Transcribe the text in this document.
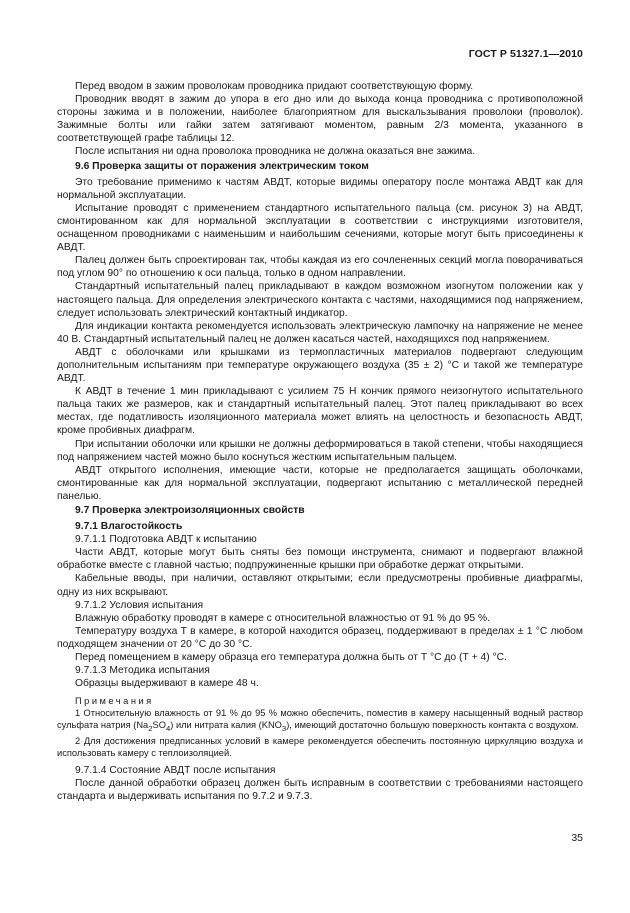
ГОСТ Р 51327.1—2010

Перед вводом в зажим проволокам проводника придают соответствующую форму.

Проводник вводят в зажим до упора в его дно или до выхода конца проводника с противоположной стороны зажима и в положении, наиболее благоприятном для выскальзывания проволоки (проволок). Зажимные болты или гайки затем затягивают моментом, равным 2/3 момента, указанного в соответствующей графе таблицы 12.

После испытания ни одна проволока проводника не должна оказаться вне зажима.

9.6 Проверка защиты от поражения электрическим током

Это требование применимо к частям АВДТ, которые видимы оператору после монтажа АВДТ как для нормальной эксплуатации.

Испытание проводят с применением стандартного испытательного пальца (см. рисунок 3) на АВДТ, смонтированном как для нормальной эксплуатации в соответствии с инструкциями изготовителя, оснащенном проводниками с наименьшим и наибольшим сечениями, которые могут быть присоединены к АВДТ.

Палец должен быть спроектирован так, чтобы каждая из его сочлененных секций могла поворачиваться под углом 90° по отношению к оси пальца, только в одном направлении.

Стандартный испытательный палец прикладывают в каждом возможном изогнутом положении как у настоящего пальца. Для определения электрического контакта с частями, находящимися под напряжением, следует использовать электрический контактный индикатор.

Для индикации контакта рекомендуется использовать электрическую лампочку на напряжение не менее 40 В. Стандартный испытательный палец не должен касаться частей, находящихся под напряжением.

АВДТ с оболочками или крышками из термопластичных материалов подвергают следующим дополнительным испытаниям при температуре окружающего воздуха (35 ± 2) °С и такой же температуре АВДТ.

К АВДТ в течение 1 мин прикладывают с усилием 75 Н кончик прямого неизогнутого испытательного пальца таких же размеров, как и стандартный испытательный палец. Этот палец прикладывают во всех местах, где податливость изоляционного материала может влиять на целостность и безопасность АВДТ, кроме пробивных диафрагм.

При испытании оболочки или крышки не должны деформироваться в такой степени, чтобы находящиеся под напряжением частей можно было коснуться жестким испытательным пальцем.

АВДТ открытого исполнения, имеющие части, которые не предполагается защищать оболочками, смонтированные как для нормальной эксплуатации, подвергают испытанию с металлической передней панелью.

9.7 Проверка электроизоляционных свойств

9.7.1 Влагостойкость

9.7.1.1 Подготовка АВДТ к испытанию

Части АВДТ, которые могут быть сняты без помощи инструмента, снимают и подвергают влажной обработке вместе с главной частью; подпружиненные крышки при обработке держат открытыми.

Кабельные вводы, при наличии, оставляют открытыми; если предусмотрены пробивные диафрагмы, одну из них вскрывают.

9.7.1.2 Условия испытания

Влажную обработку проводят в камере с относительной влажностью от 91 % до 95 %.

Температуру воздуха Т в камере, в которой находится образец, поддерживают в пределах ± 1 °С любом подходящем значении от 20 °С до 30 °С.

Перед помещением в камеру образца его температура должна быть от Т °С до (Т + 4) °С.

9.7.1.3 Методика испытания

Образцы выдерживают в камере 48 ч.

Примечания

1 Относительную влажность от 91 % до 95 % можно обеспечить, поместив в камеру насыщенный водный раствор сульфата натрия $(Na_2SO_4)$ или нитрата калия $(KNO_3)$, имеющий достаточно большую поверхность контакта с воздухом.

2 Для достижения предписанных условий в камере рекомендуется обеспечить постоянную циркуляцию воздуха и использовать камеру с теплоизоляцией.

9.7.1.4 Состояние АВДТ после испытания

После данной обработки образец должен быть исправным в соответствии с требованиями настоящего стандарта и выдерживать испытания по 9.7.2 и 9.7.3.

35
